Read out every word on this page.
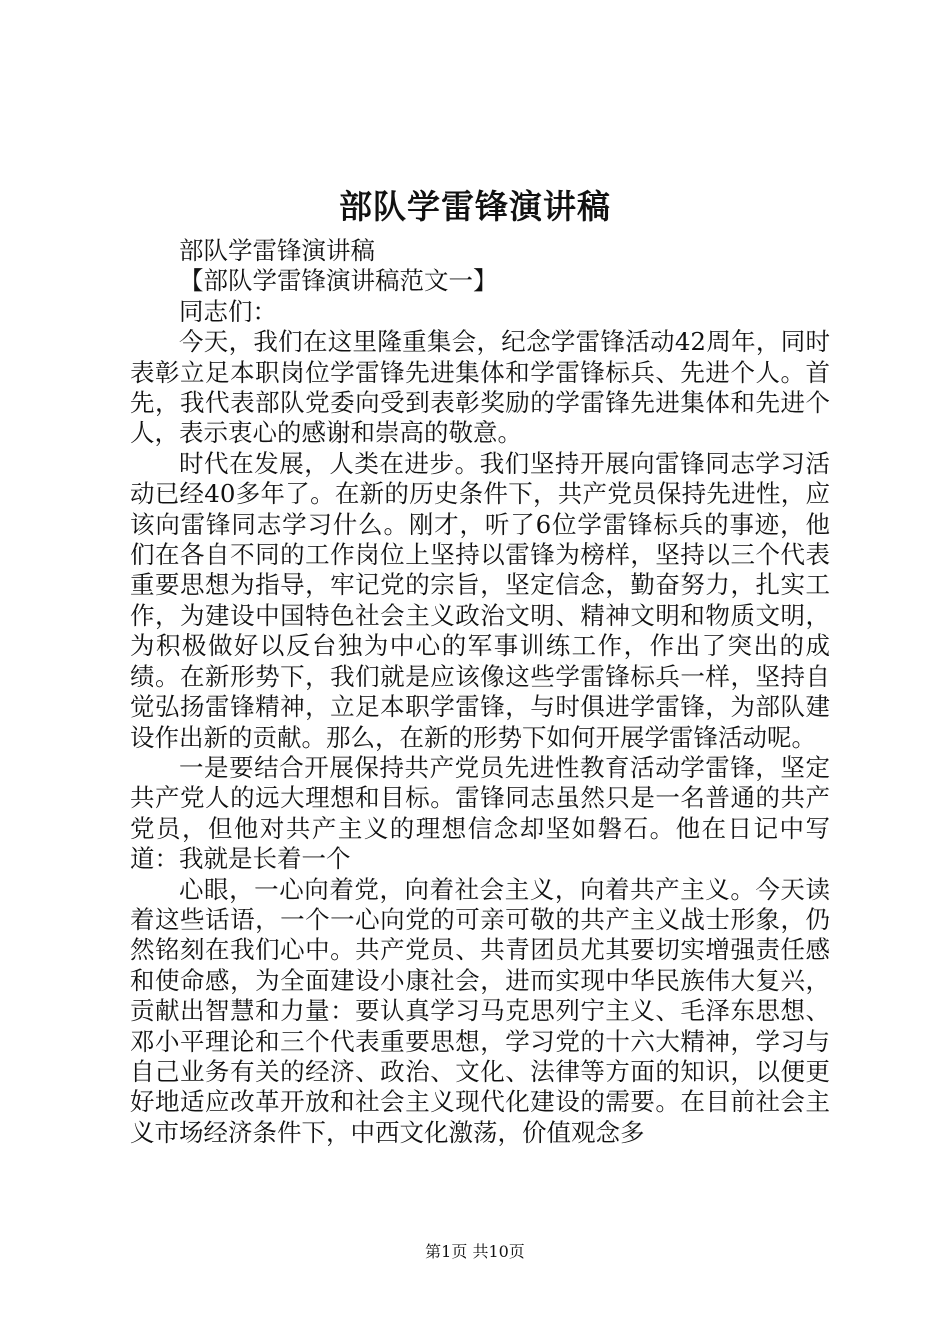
部队学雷锋演讲稿

部队学雷锋演讲稿

【部队学雷锋演讲稿范文一】

同志们：

今天，我们在这里隆重集会，纪念学雷锋活动42周年，同时表彰立足本职岗位学雷锋先进集体和学雷锋标兵、先进个人。首先，我代表部队党委向受到表彰奖励的学雷锋先进集体和先进个人，表示衷心的感谢和崇高的敬意。

时代在发展，人类在进步。我们坚持开展向雷锋同志学习活动已经40多年了。在新的历史条件下，共产党员保持先进性，应该向雷锋同志学习什么。刚才，听了6位学雷锋标兵的事迹，他们在各自不同的工作岗位上坚持以雷锋为榜样，坚持以三个代表重要思想为指导，牢记党的宗旨，坚定信念，勤奋努力，扎实工作，为建设中国特色社会主义政治文明、精神文明和物质文明，为积极做好以反台独为中心的军事训练工作，作出了突出的成绩。在新形势下，我们就是应该像这些学雷锋标兵一样，坚持自觉弘扬雷锋精神，立足本职学雷锋，与时俱进学雷锋，为部队建设作出新的贡献。那么，在新的形势下如何开展学雷锋活动呢。

一是要结合开展保持共产党员先进性教育活动学雷锋，坚定共产党人的远大理想和目标。雷锋同志虽然只是一名普通的共产党员，但他对共产主义的理想信念却坚如磐石。他在日记中写道：我就是长着一个

心眼，一心向着党，向着社会主义，向着共产主义。今天读着这些话语，一个一心向党的可亲可敬的共产主义战士形象，仍然铭刻在我们心中。共产党员、共青团员尤其要切实增强责任感和使命感，为全面建设小康社会，进而实现中华民族伟大复兴，贡献出智慧和力量：要认真学习马克思列宁主义、毛泽东思想、邓小平理论和三个代表重要思想，学习党的十六大精神，学习与自己业务有关的经济、政治、文化、法律等方面的知识，以便更好地适应改革开放和社会主义现代化建设的需要。在目前社会主义市场经济条件下，中西文化激荡，价值观念多

第1页 共10页
